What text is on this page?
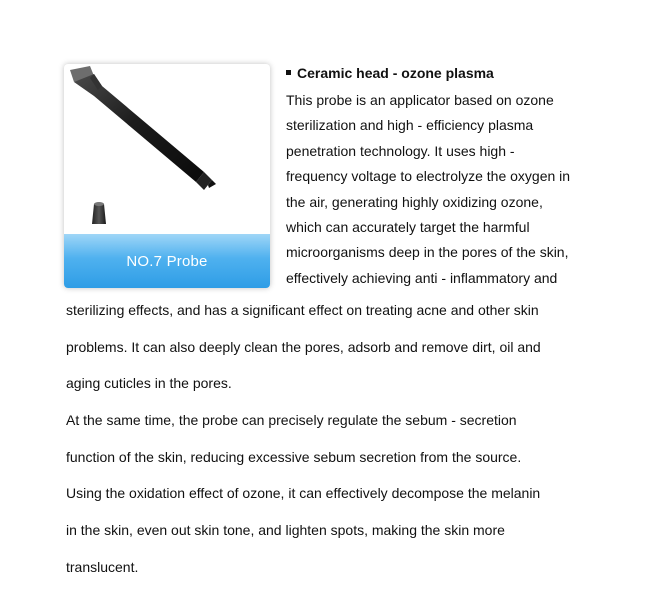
NO.7 Probe
Ceramic head - ozone plasma
This probe is an applicator based on ozone
sterilization and high - efficiency plasma
penetration technology. It uses high -
frequency voltage to electrolyze the oxygen in
the air, generating highly oxidizing ozone,
which can accurately target the harmful
microorganisms deep in the pores of the skin,
effectively achieving anti - inflammatory and
sterilizing effects, and has a significant effect on treating acne and other skin
problems. It can also deeply clean the pores, adsorb and remove dirt, oil and
aging cuticles in the pores.
At the same time, the probe can precisely regulate the sebum - secretion
function of the skin, reducing excessive sebum secretion from the source.
Using the oxidation effect of ozone, it can effectively decompose the melanin
in the skin, even out skin tone, and lighten spots, making the skin more
translucent.
